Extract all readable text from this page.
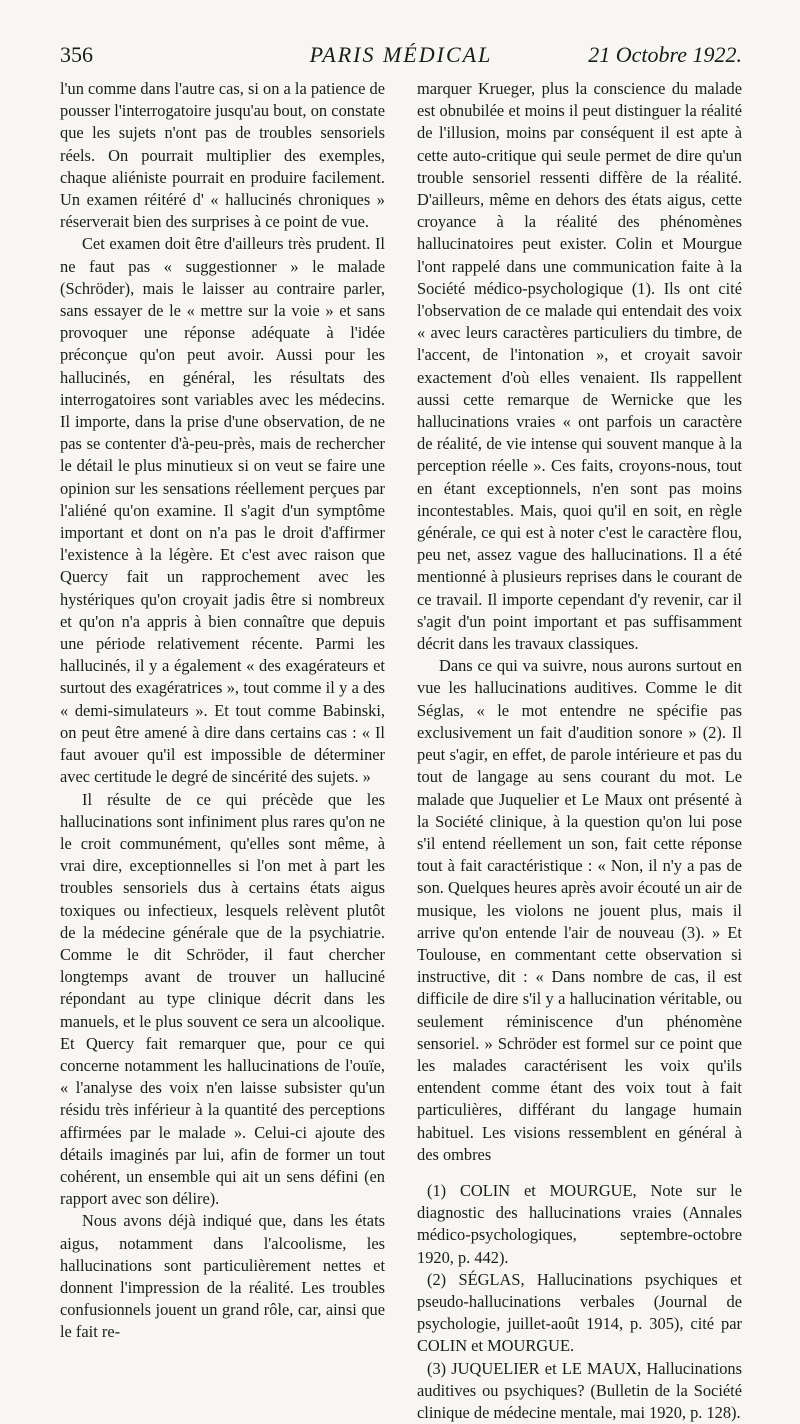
356	PARIS MÉDICAL	21 Octobre 1922.

l'un comme dans l'autre cas, si on a la patience de pousser l'interrogatoire jusqu'au bout, on constate que les sujets n'ont pas de troubles sensoriels réels. On pourrait multiplier des exemples, chaque aliéniste pourrait en produire facilement. Un examen réitéré d' « hallucinés chroniques » réserverait bien des surprises à ce point de vue.

Cet examen doit être d'ailleurs très prudent. Il ne faut pas « suggestionner » le malade (Schröder), mais le laisser au contraire parler, sans essayer de le « mettre sur la voie » et sans provoquer une réponse adéquate à l'idée préconçue qu'on peut avoir. Aussi pour les hallucinés, en général, les résultats des interrogatoires sont variables avec les médecins. Il importe, dans la prise d'une observation, de ne pas se contenter d'à-peu-près, mais de rechercher le détail le plus minutieux si on veut se faire une opinion sur les sensations réellement perçues par l'aliéné qu'on examine. Il s'agit d'un symptôme important et dont on n'a pas le droit d'affirmer l'existence à la légère. Et c'est avec raison que Quercy fait un rapprochement avec les hystériques qu'on croyait jadis être si nombreux et qu'on n'a appris à bien connaître que depuis une période relativement récente. Parmi les hallucinés, il y a également « des exagérateurs et surtout des exagératrices », tout comme il y a des « demi-simulateurs ». Et tout comme Babinski, on peut être amené à dire dans certains cas : « Il faut avouer qu'il est impossible de déterminer avec certitude le degré de sincérité des sujets. »

Il résulte de ce qui précède que les hallucinations sont infiniment plus rares qu'on ne le croit communément, qu'elles sont même, à vrai dire, exceptionnelles si l'on met à part les troubles sensoriels dus à certains états aigus toxiques ou infectieux, lesquels relèvent plutôt de la médecine générale que de la psychiatrie. Comme le dit Schröder, il faut chercher longtemps avant de trouver un halluciné répondant au type clinique décrit dans les manuels, et le plus souvent ce sera un alcoolique. Et Quercy fait remarquer que, pour ce qui concerne notamment les hallucinations de l'ouïe, « l'analyse des voix n'en laisse subsister qu'un résidu très inférieur à la quantité des perceptions affirmées par le malade ». Celui-ci ajoute des détails imaginés par lui, afin de former un tout cohérent, un ensemble qui ait un sens défini (en rapport avec son délire).

Nous avons déjà indiqué que, dans les états aigus, notamment dans l'alcoolisme, les hallucinations sont particulièrement nettes et donnent l'impression de la réalité. Les troubles confusionnels jouent un grand rôle, car, ainsi que le fait re-

marquer Krueger, plus la conscience du malade est obnubilée et moins il peut distinguer la réalité de l'illusion, moins par conséquent il est apte à cette auto-critique qui seule permet de dire qu'un trouble sensoriel ressenti diffère de la réalité. D'ailleurs, même en dehors des états aigus, cette croyance à la réalité des phénomènes hallucinatoires peut exister. Colin et Mourgue l'ont rappelé dans une communication faite à la Société médico-psychologique (1). Ils ont cité l'observation de ce malade qui entendait des voix « avec leurs caractères particuliers du timbre, de l'accent, de l'intonation », et croyait savoir exactement d'où elles venaient. Ils rappellent aussi cette remarque de Wernicke que les hallucinations vraies « ont parfois un caractère de réalité, de vie intense qui souvent manque à la perception réelle ». Ces faits, croyons-nous, tout en étant exceptionnels, n'en sont pas moins incontestables. Mais, quoi qu'il en soit, en règle générale, ce qui est à noter c'est le caractère flou, peu net, assez vague des hallucinations. Il a été mentionné à plusieurs reprises dans le courant de ce travail. Il importe cependant d'y revenir, car il s'agit d'un point important et pas suffisamment décrit dans les travaux classiques.

Dans ce qui va suivre, nous aurons surtout en vue les hallucinations auditives. Comme le dit Séglas, « le mot entendre ne spécifie pas exclusivement un fait d'audition sonore » (2). Il peut s'agir, en effet, de parole intérieure et pas du tout de langage au sens courant du mot. Le malade que Juquelier et Le Maux ont présenté à la Société clinique, à la question qu'on lui pose s'il entend réellement un son, fait cette réponse tout à fait caractéristique : « Non, il n'y a pas de son. Quelques heures après avoir écouté un air de musique, les violons ne jouent plus, mais il arrive qu'on entende l'air de nouveau (3). » Et Toulouse, en commentant cette observation si instructive, dit : « Dans nombre de cas, il est difficile de dire s'il y a hallucination véritable, ou seulement réminiscence d'un phénomène sensoriel. » Schröder est formel sur ce point que les malades caractérisent les voix qu'ils entendent comme étant des voix tout à fait particulières, différant du langage humain habituel. Les visions ressemblent en général à des ombres

(1) COLIN et MOURGUE, Note sur le diagnostic des hallucinations vraies (Annales médico-psychologiques, septembre-octobre 1920, p. 442).

(2) SÉGLAS, Hallucinations psychiques et pseudo-hallucinations verbales (Journal de psychologie, juillet-août 1914, p. 305), cité par COLIN et MOURGUE.

(3) JUQUELIER et LE MAUX, Hallucinations auditives ou psychiques? (Bulletin de la Société clinique de médecine mentale, mai 1920, p. 128).
